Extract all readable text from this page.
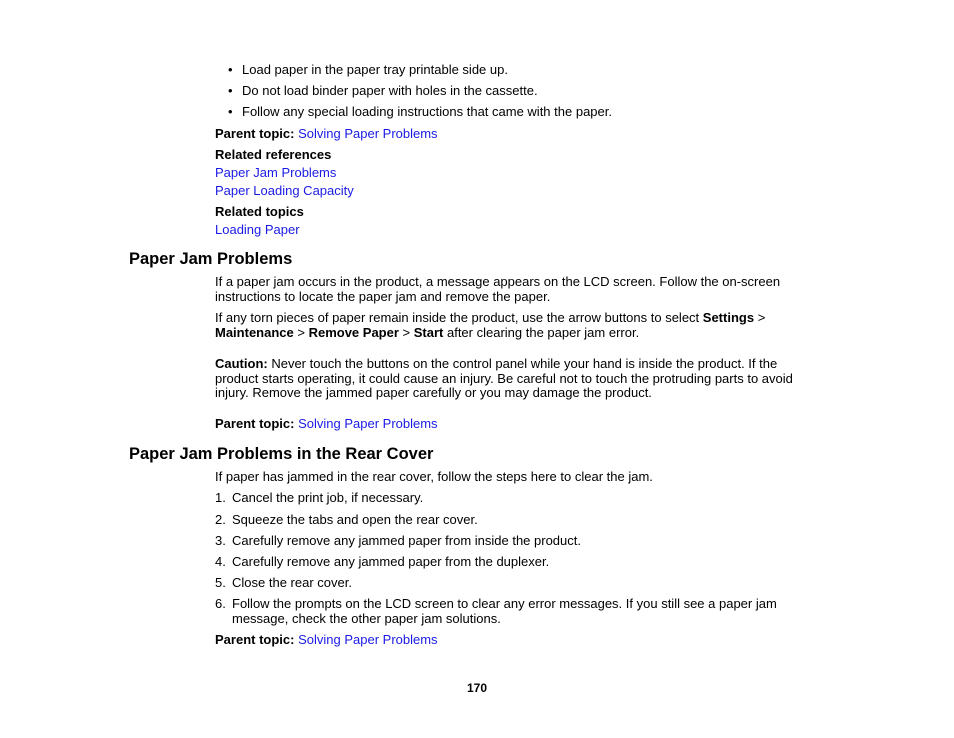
• Load paper in the paper tray printable side up.
• Do not load binder paper with holes in the cassette.
• Follow any special loading instructions that came with the paper.
Parent topic: Solving Paper Problems
Related references
Paper Jam Problems
Paper Loading Capacity
Related topics
Loading Paper
Paper Jam Problems
If a paper jam occurs in the product, a message appears on the LCD screen. Follow the on-screen
instructions to locate the paper jam and remove the paper.
If any torn pieces of paper remain inside the product, use the arrow buttons to select Settings >
Maintenance > Remove Paper > Start after clearing the paper jam error.
Caution: Never touch the buttons on the control panel while your hand is inside the product. If the
product starts operating, it could cause an injury. Be careful not to touch the protruding parts to avoid
injury. Remove the jammed paper carefully or you may damage the product.
Parent topic: Solving Paper Problems
Paper Jam Problems in the Rear Cover
If paper has jammed in the rear cover, follow the steps here to clear the jam.
1. Cancel the print job, if necessary.
2. Squeeze the tabs and open the rear cover.
3. Carefully remove any jammed paper from inside the product.
4. Carefully remove any jammed paper from the duplexer.
5. Close the rear cover.
6. Follow the prompts on the LCD screen to clear any error messages. If you still see a paper jam
message, check the other paper jam solutions.
Parent topic: Solving Paper Problems
170
